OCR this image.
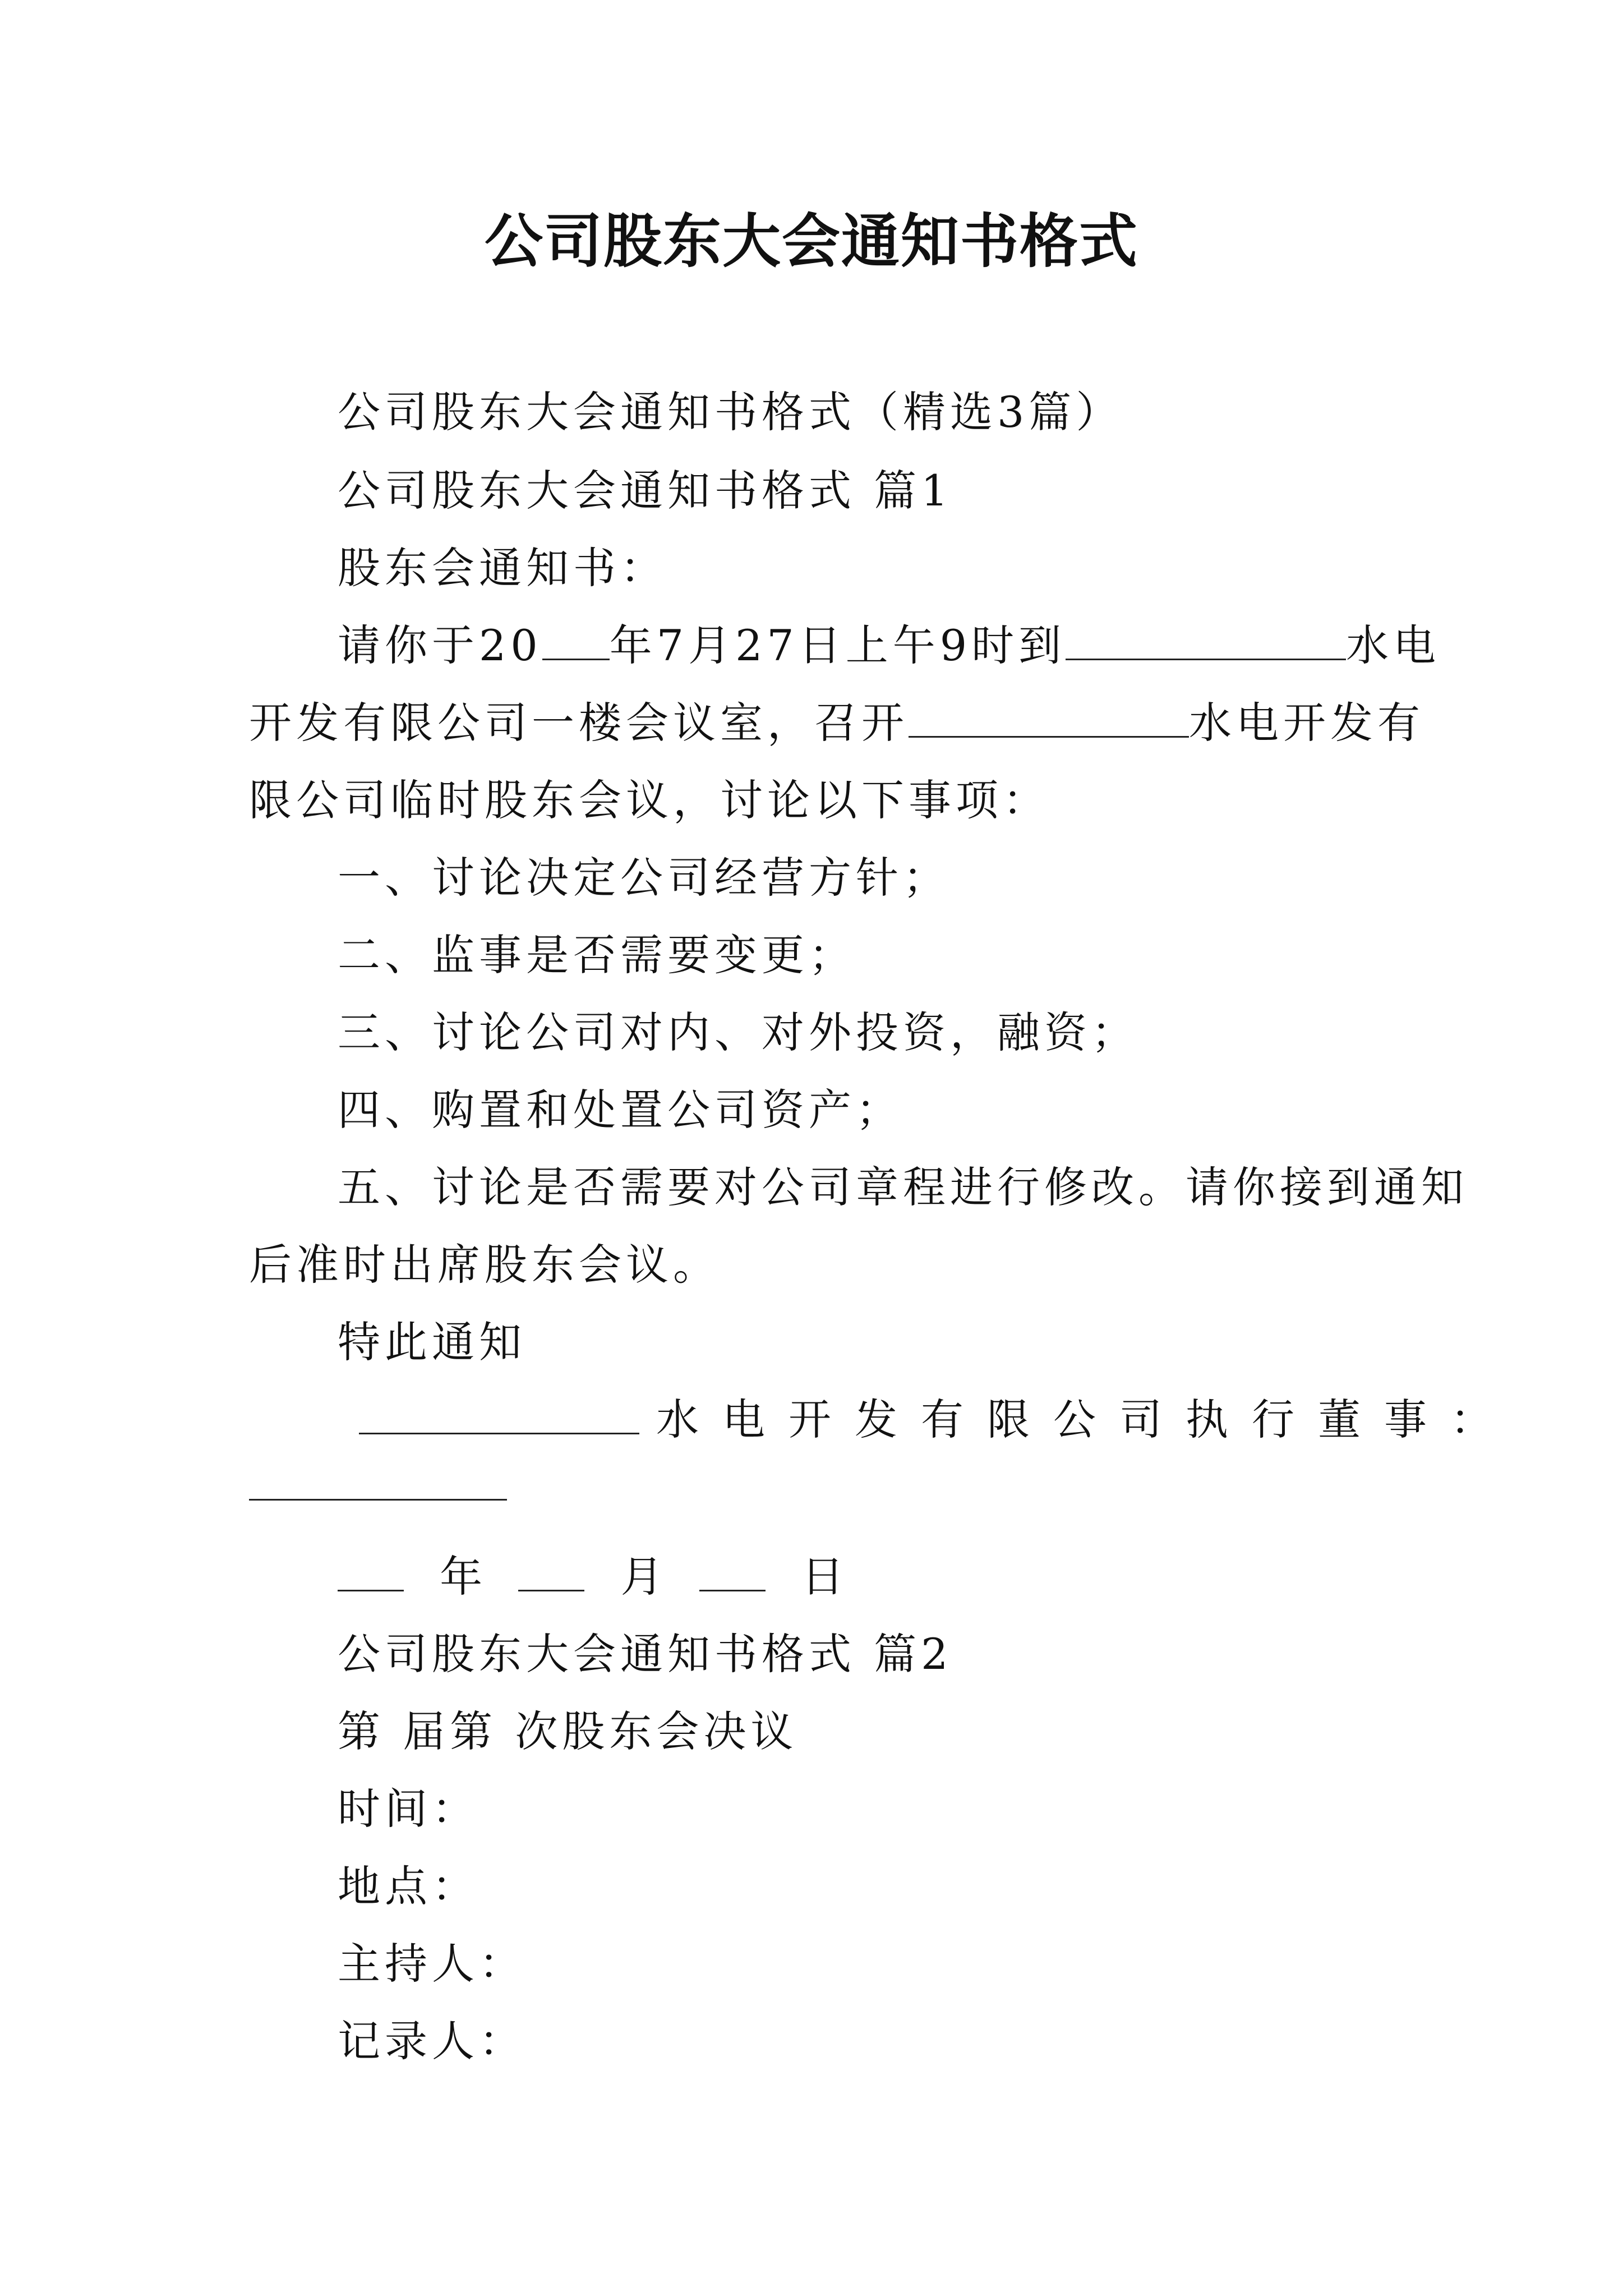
公司股东大会通知书格式
公司股东大会通知书格式（精选3篇）
公司股东大会通知书格式 篇1
股东会通知书：
请你于20 年7月27日上午9时到	水电
开发有限公司一楼会议室，召开	水电开发有
限公司临时股东会议，讨论以下事项：
一、讨论决定公司经营方针；
二、监事是否需要变更；
三、讨论公司对内、对外投资，融资；
四、购置和处置公司资产；
五、讨论是否需要对公司章程进行修改。请你接到通知
后准时出席股东会议。
特此通知
水电开发有限公司执行董事：
年	月	日
公司股东大会通知书格式 篇2
第 届第 次股东会决议
时间：
地点：
主持人：
记录人：
